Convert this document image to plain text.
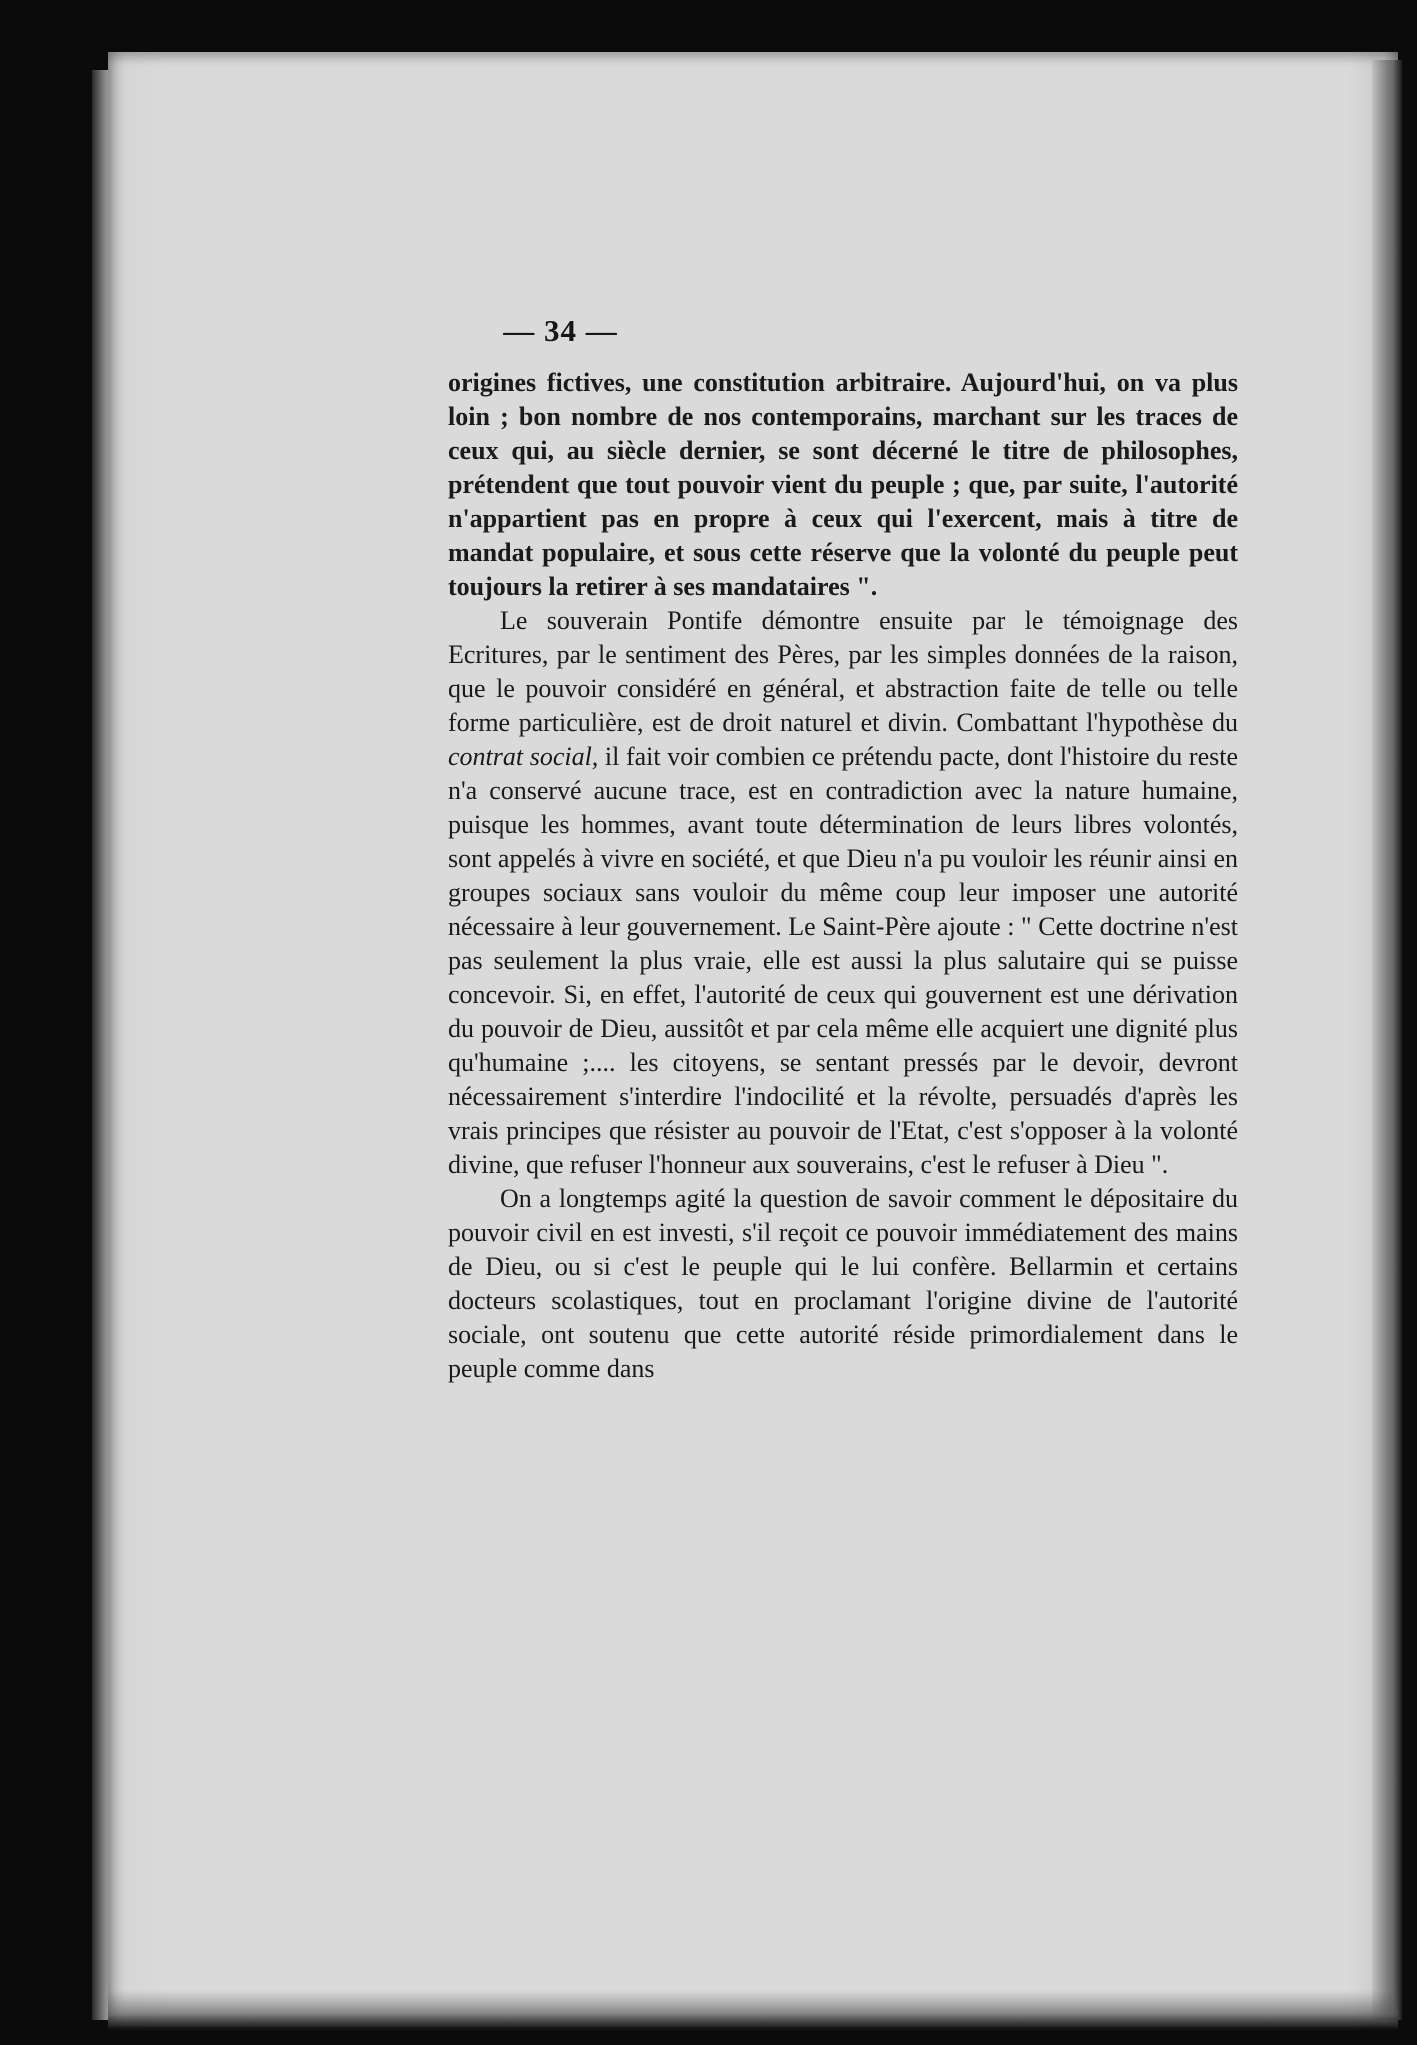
— 34 —

origines fictives, une constitution arbitraire. Aujourd'hui, on va plus loin ; bon nombre de nos contemporains, marchant sur les traces de ceux qui, au siècle dernier, se sont décerné le titre de philosophes, prétendent que tout pouvoir vient du peuple ; que, par suite, l'autorité n'appartient pas en propre à ceux qui l'exercent, mais à titre de mandat populaire, et sous cette réserve que la volonté du peuple peut toujours la retirer à ses mandataires ".

Le souverain Pontife démontre ensuite par le témoignage des Ecritures, par le sentiment des Pères, par les simples données de la raison, que le pouvoir considéré en général, et abstraction faite de telle ou telle forme particulière, est de droit naturel et divin. Combattant l'hypothèse du contrat social, il fait voir combien ce prétendu pacte, dont l'histoire du reste n'a conservé aucune trace, est en contradiction avec la nature humaine, puisque les hommes, avant toute détermination de leurs libres volontés, sont appelés à vivre en société, et que Dieu n'a pu vouloir les réunir ainsi en groupes sociaux sans vouloir du même coup leur imposer une autorité nécessaire à leur gouvernement. Le Saint-Père ajoute : " Cette doctrine n'est pas seulement la plus vraie, elle est aussi la plus salutaire qui se puisse concevoir. Si, en effet, l'autorité de ceux qui gouvernent est une dérivation du pouvoir de Dieu, aussitôt et par cela même elle acquiert une dignité plus qu'humaine ;.... les citoyens, se sentant pressés par le devoir, devront nécessairement s'interdire l'indocilité et la révolte, persuadés d'après les vrais principes que résister au pouvoir de l'Etat, c'est s'opposer à la volonté divine, que refuser l'honneur aux souverains, c'est le refuser à Dieu ".

On a longtemps agité la question de savoir comment le dépositaire du pouvoir civil en est investi, s'il reçoit ce pouvoir immédiatement des mains de Dieu, ou si c'est le peuple qui le lui confère. Bellarmin et certains docteurs scolastiques, tout en proclamant l'origine divine de l'autorité sociale, ont soutenu que cette autorité réside primordialement dans le peuple comme dans
